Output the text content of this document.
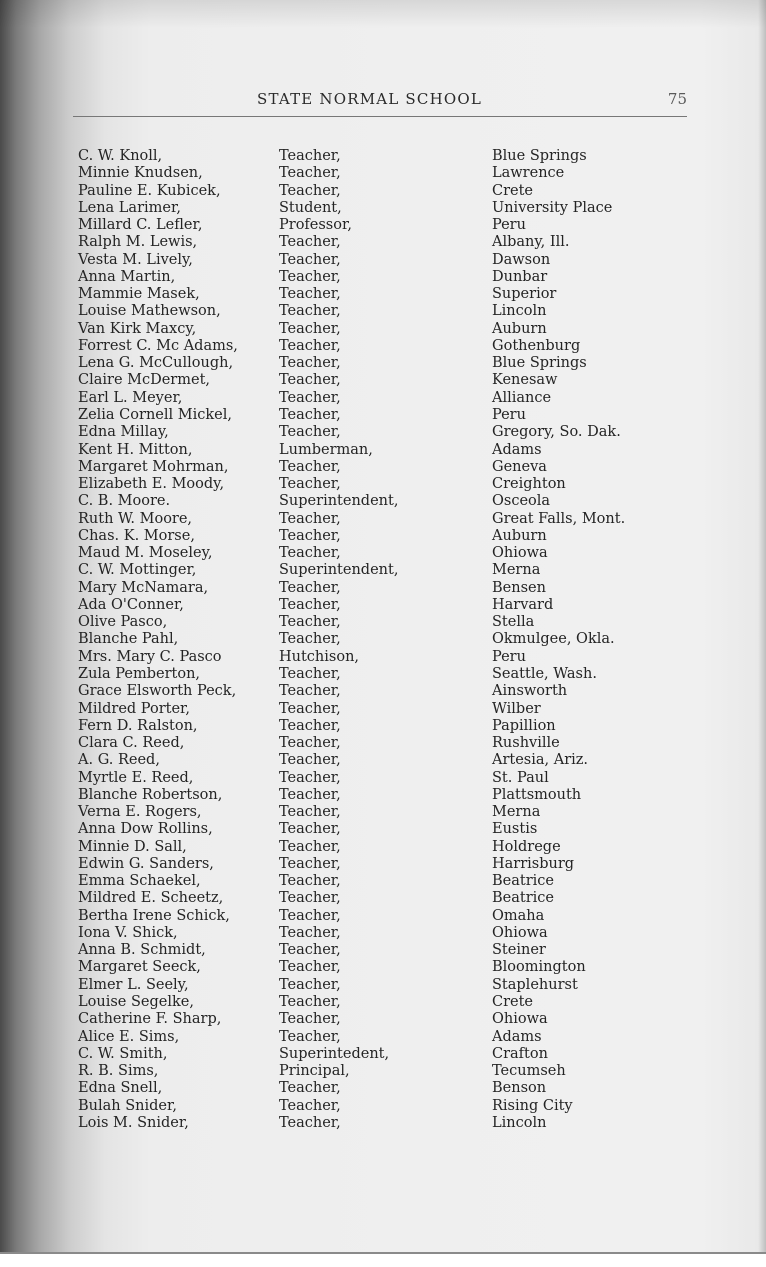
STATE NORMAL SCHOOL	75
C. W. Knoll,	Teacher,	Blue Springs
Minnie Knudsen,	Teacher,	Lawrence
Pauline E. Kubicek,	Teacher,	Crete
Lena Larimer,	Student,	University Place
Millard C. Lefler,	Professor,	Peru
Ralph M. Lewis,	Teacher,	Albany, Ill.
Vesta M. Lively,	Teacher,	Dawson
Anna Martin,	Teacher,	Dunbar
Mammie Masek,	Teacher,	Superior
Louise Mathewson,	Teacher,	Lincoln
Van Kirk Maxcy,	Teacher,	Auburn
Forrest C. Mc Adams,	Teacher,	Gothenburg
Lena G. McCullough,	Teacher,	Blue Springs
Claire McDermet,	Teacher,	Kenesaw
Earl L. Meyer,	Teacher,	Alliance
Zelia Cornell Mickel,	Teacher,	Peru
Edna Millay,	Teacher,	Gregory, So. Dak.
Kent H. Mitton,	Lumberman,	Adams
Margaret Mohrman,	Teacher,	Geneva
Elizabeth E. Moody,	Teacher,	Creighton
C. B. Moore.	Superintendent,	Osceola
Ruth W. Moore,	Teacher,	Great Falls, Mont.
Chas. K. Morse,	Teacher,	Auburn
Maud M. Moseley,	Teacher,	Ohiowa
C. W. Mottinger,	Superintendent,	Merna
Mary McNamara,	Teacher,	Bensen
Ada O'Conner,	Teacher,	Harvard
Olive Pasco,	Teacher,	Stella
Blanche Pahl,	Teacher,	Okmulgee, Okla.
Mrs. Mary C. Pasco	Hutchison,	Peru
Zula Pemberton,	Teacher,	Seattle, Wash.
Grace Elsworth Peck,	Teacher,	Ainsworth
Mildred Porter,	Teacher,	Wilber
Fern D. Ralston,	Teacher,	Papillion
Clara C. Reed,	Teacher,	Rushville
A. G. Reed,	Teacher,	Artesia, Ariz.
Myrtle E. Reed,	Teacher,	St. Paul
Blanche Robertson,	Teacher,	Plattsmouth
Verna E. Rogers,	Teacher,	Merna
Anna Dow Rollins,	Teacher,	Eustis
Minnie D. Sall,	Teacher,	Holdrege
Edwin G. Sanders,	Teacher,	Harrisburg
Emma Schaekel,	Teacher,	Beatrice
Mildred E. Scheetz,	Teacher,	Beatrice
Bertha Irene Schick,	Teacher,	Omaha
Iona V. Shick,	Teacher,	Ohiowa
Anna B. Schmidt,	Teacher,	Steiner
Margaret Seeck,	Teacher,	Bloomington
Elmer L. Seely,	Teacher,	Staplehurst
Louise Segelke,	Teacher,	Crete
Catherine F. Sharp,	Teacher,	Ohiowa
Alice E. Sims,	Teacher,	Adams
C. W. Smith,	Superintedent,	Crafton
R. B. Sims,	Principal,	Tecumseh
Edna Snell,	Teacher,	Benson
Bulah Snider,	Teacher,	Rising City
Lois M. Snider,	Teacher,	Lincoln
